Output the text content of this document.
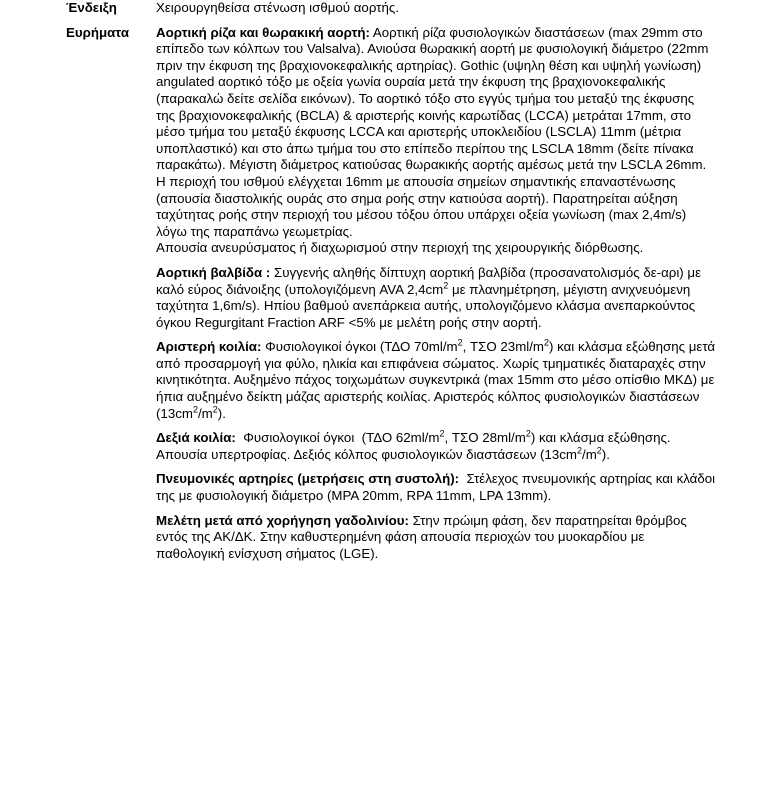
Ένδειξη	Χειρουργηθείσα στένωση ισθμού αορτής.
Ευρήματα	Αορτική ρίζα και θωρακική αορτή: Αορτική ρίζα φυσιολογικών διαστάσεων (max 29mm στο επίπεδο των κόλπων του Valsalva). Ανιούσα θωρακική αορτή με φυσιολογική διάμετρο (22mm πριν την έκφυση της βραχιονοκεφαλικής αρτηρίας). Gothic (υψηλη θέση και υψηλή γωνίωση) angulated αορτικό τόξο με οξεία γωνία ουραία μετά την έκφυση της βραχιονοκεφαλικής (παρακαλώ δείτε σελίδα εικόνων). Το αορτικό τόξο στο εγγύς τμήμα του μεταξύ της έκφυσης της βραχιονοκεφαλικής (BCLA) & αριστερής κοινής καρωτίδας (LCCA) μετράται 17mm, στο μέσο τμήμα του μεταξύ έκφυσης LCCA και αριστερής υποκλειδίου (LSCLA) 11mm (μέτρια υποπλαστικό) και στο άπω τμήμα του στο επίπεδο περίπου της LSCLA 18mm (δείτε πίνακα παρακάτω). Μέγιστη διάμετρος κατιούσας θωρακικής αορτής αμέσως μετά την LSCLA 26mm.
Η περιοχή του ισθμού ελέγχεται 16mm με απουσία σημείων σημαντικής επαναστένωσης (απουσία διαστολικής ουράς στο σημα ροής στην κατιούσα αορτή). Παρατηρείται αύξηση ταχύτητας ροής στην περιοχή του μέσου τόξου όπου υπάρχει οξεία γωνίωση (max 2,4m/s) λόγω της παραπάνω γεωμετρίας.
Απουσία ανευρύσματος ή διαχωρισμού στην περιοχή της χειρουργικής διόρθωσης.
Αορτική βαλβίδα : Συγγενής αληθής δίπτυχη αορτική βαλβίδα (προσανατολισμός δε-αρι) με καλό εύρος διάνοιξης (υπολογιζόμενη AVA $2,4cm^2$ με πλανημέτρηση, μέγιστη ανιχνευόμενη ταχύτητα 1,6m/s). Ηπίου βαθμού ανεπάρκεια αυτής, υπολογιζόμενο κλάσμα ανεπαρκούντος όγκου Regurgitant Fraction ARF <5% με μελέτη ροής στην αορτή.
Αριστερή κοιλία: Φυσιολογικοί όγκοι (ΤΔΟ $70ml/m^2$, ΤΣΟ $23ml/m^2$) και κλάσμα εξώθησης μετά από προσαρμογή για φύλο, ηλικία και επιφάνεια σώματος. Χωρίς τμηματικές διαταραχές στην κινητικότητα. Αυξημένο πάχος τοιχωμάτων συγκεντρικά (max 15mm στο μέσο οπίσθιο ΜΚΔ) με ήπια αυξημένο δείκτη μάζας αριστερής κοιλίας. Αριστερός κόλπος φυσιολογικών διαστάσεων $(13cm^2/m^2)$.
Δεξιά κοιλία:  Φυσιολογικοί όγκοι  (ΤΔΟ $62ml/m^2$, ΤΣΟ $28ml/m^2$) και κλάσμα εξώθησης. Απουσία υπερτροφίας. Δεξιός κόλπος φυσιολογικών διαστάσεων $(13cm^2/m^2)$.
Πνευμονικές αρτηρίες (μετρήσεις στη συστολή):  Στέλεχος πνευμονικής αρτηρίας και κλάδοι της με φυσιολογική διάμετρο (MPA 20mm, RPA 11mm, LPA 13mm).
Μελέτη μετά από χορήγηση γαδολινίου: Στην πρώιμη φάση, δεν παρατηρείται θρόμβος εντός της ΑΚ/ΔΚ. Στην καθυστερημένη φάση απουσία περιοχών του μυοκαρδίου με παθολογική ενίσχυση σήματος (LGE).
